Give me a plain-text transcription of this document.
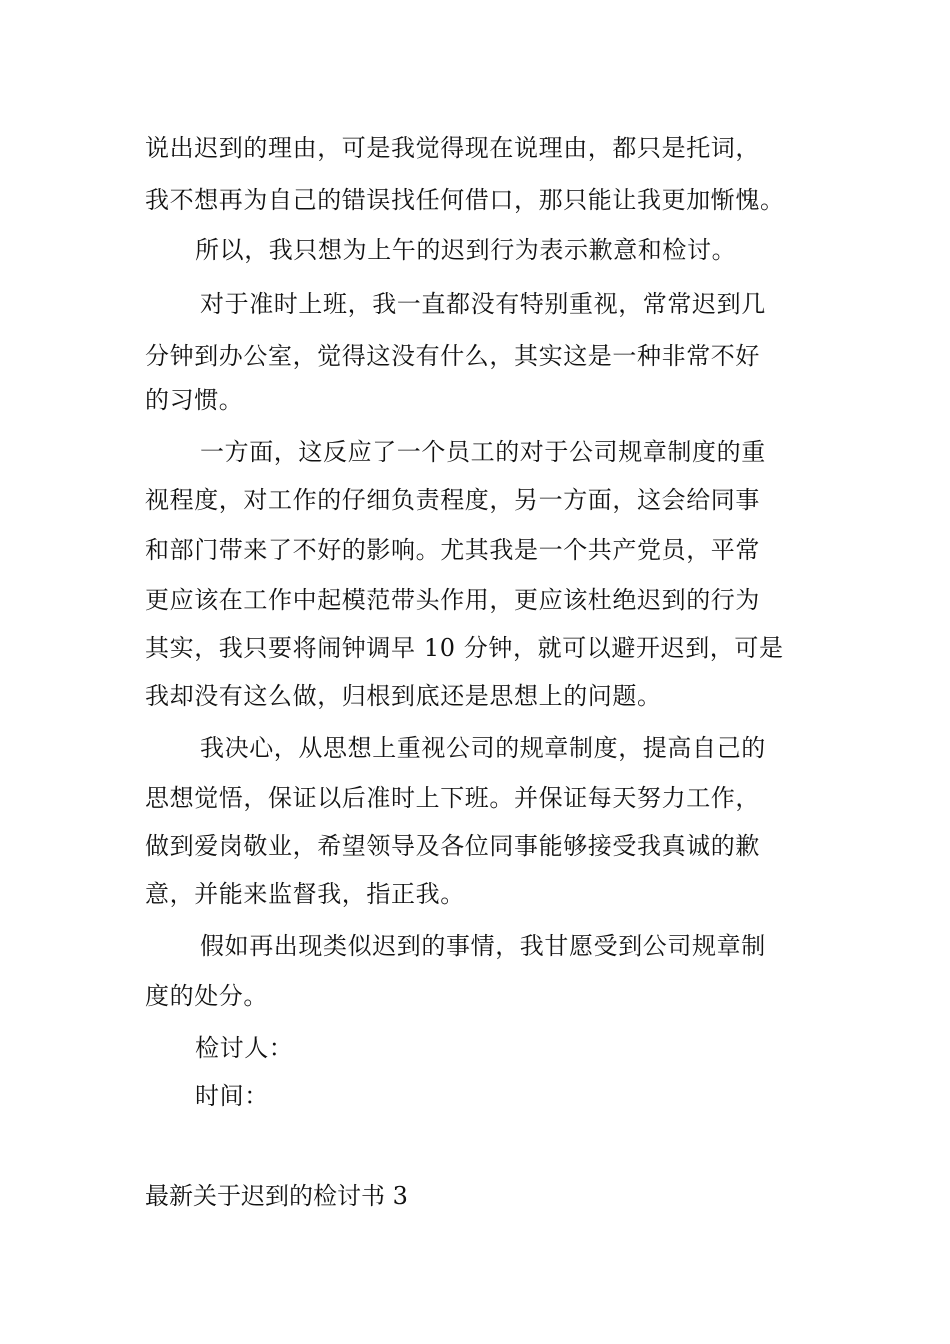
说出迟到的理由，可是我觉得现在说理由，都只是托词，
我不想再为自己的错误找任何借口，那只能让我更加惭愧。
所以，我只想为上午的迟到行为表示歉意和检讨。
对于准时上班，我一直都没有特别重视，常常迟到几
分钟到办公室，觉得这没有什么，其实这是一种非常不好
的习惯。
一方面，这反应了一个员工的对于公司规章制度的重
视程度，对工作的仔细负责程度，另一方面，这会给同事
和部门带来了不好的影响。尤其我是一个共产党员，平常
更应该在工作中起模范带头作用，更应该杜绝迟到的行为
其实，我只要将闹钟调早 10 分钟，就可以避开迟到，可是
我却没有这么做，归根到底还是思想上的问题。
我决心，从思想上重视公司的规章制度，提高自己的
思想觉悟，保证以后准时上下班。并保证每天努力工作，
做到爱岗敬业，希望领导及各位同事能够接受我真诚的歉
意，并能来监督我，指正我。
假如再出现类似迟到的事情，我甘愿受到公司规章制
度的处分。
检讨人：
时间：
最新关于迟到的检讨书 3
